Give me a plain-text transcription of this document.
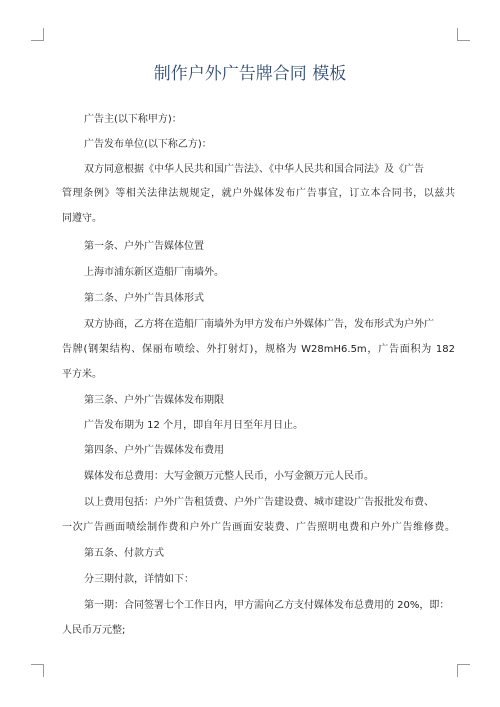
制作户外广告牌合同 模板
广告主(以下称甲方)：
广告发布单位(以下称乙方)：
双方同意根据《中华人民共和国广告法》、《中华人民共和国合同法》及《广告
管理条例》等相关法律法规规定，就户外媒体发布广告事宜，订立本合同书，以兹共
同遵守。
第一条、户外广告媒体位置
上海市浦东新区造船厂南墙外。
第二条、户外广告具体形式
双方协商，乙方将在造船厂南墙外为甲方发布户外媒体广告，发布形式为户外广
告牌(钢架结构、保丽布喷绘、外打射灯)，规格为 W28mH6.5m，广告面积为 182
平方米。
第三条、户外广告媒体发布期限
广告发布期为 12 个月，即自年月日至年月日止。
第四条、户外广告媒体发布费用
媒体发布总费用：大写金额万元整人民币，小写金额万元人民币。
以上费用包括：户外广告租赁费、户外广告建设费、城市建设广告报批发布费、
一次广告画面喷绘制作费和户外广告画面安装费、广告照明电费和户外广告维修费。
第五条、付款方式
分三期付款，详情如下：
第一期：合同签署七个工作日内，甲方需向乙方支付媒体发布总费用的 20%，即：
人民币万元整;
